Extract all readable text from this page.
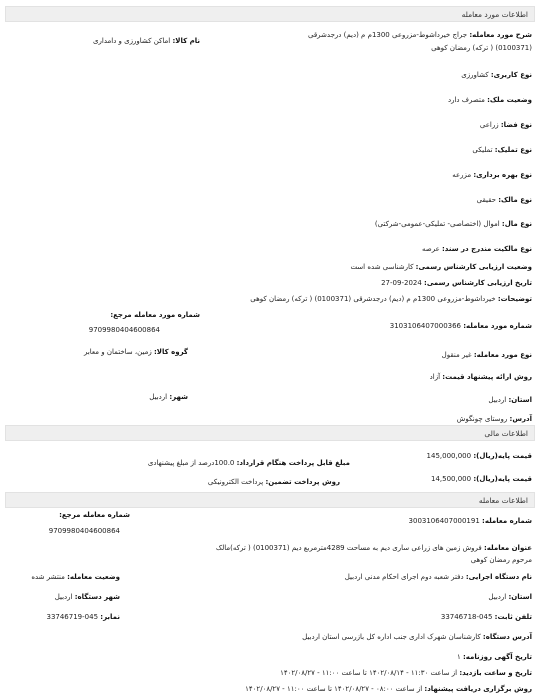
اطلاعات مورد معامله
شرح مورد معامله: جراج خیرداشوط-مزروعی 1300م م (دیم) درجدشرقی (0100371) ( ترکه) رمضان کوهی
نام کالا: اماکن کشاورزی و دامداری
نوع کاربری: کشاورزی
وضعیت ملک: متصرف دارد
نوع فضا: زراعی
نوع تملیک: تملیکی
نوع بهره برداری: مزرعه
نوع مالک: حقیقی
نوع مال: اموال (اختصاصی- تملیکی-عمومی-شرکتی)
نوع مالکیت مندرج در سند: عرصه
وضعیت ارزیابی کارشناس رسمی: کارشناسی شده است
تاریخ ارزیابی کارشناس رسمی: 2024-09-27
توضیحات: خیرداشوط-مزروعی 1300م م (دیم) درجدشرقی (0100371) ( ترکه) رمضان کوهی
شماره مورد معامله: 3103106407000366
شماره مورد معامله مرجع:
9709980404600864
نوع مورد معامله: غیر منقول
گروه کالا: زمین، ساختمان و معابر
روش ارائه پیشنهاد قیمت: آزاد
استان: اردبیل
شهر: اردبیل
آدرس: روستای چونگوش
اطلاعات مالی
قیمت پایه(ریال): 145,000,000
مبلغ قابل پرداخت هنگام قرارداد: 100.0درصد از مبلغ پیشنهادی
قیمت پایه(ریال): 14,500,000
روش پرداخت تضمین: پرداخت الکترونیکی
اطلاعات معامله
شماره معامله: 3003106407000191
شماره معامله مرجع:
9709980404600864
عنوان معامله: فروش زمین های زراعی ساری دیم به مساحت 4289مترمربع دیم (0100371) ( ترکه)مالک مرحوم رمضان کوهی
نام دستگاه اجرایی: دفتر شعبه دوم اجرای احکام مدنی اردبیل
وضعیت معامله: منتشر شده
استان: اردبیل
شهر دستگاه: اردبیل
تلفن ثابت: 045-33746718
نمابر: 045-33746719
آدرس دستگاه: کارشناسان شهرک اداری جنب اداره کل بازرسی استان اردبیل
تاریخ آگهی روزنامه: ۱
تاریخ و ساعت بازدید: از ساعت ۱۱:۳۰ - ۱۴۰۲/۰۸/۱۴ تا ساعت ۱۱:۰۰ - ۱۴۰۲/۰۸/۲۷
روش برگزاری دریافت پیشنهاد: از ساعت ۰۸:۰۰ - ۱۴۰۲/۰۸/۲۷ تا ساعت ۱۱:۰۰ - ۱۴۰۲/۰۸/۲۷
